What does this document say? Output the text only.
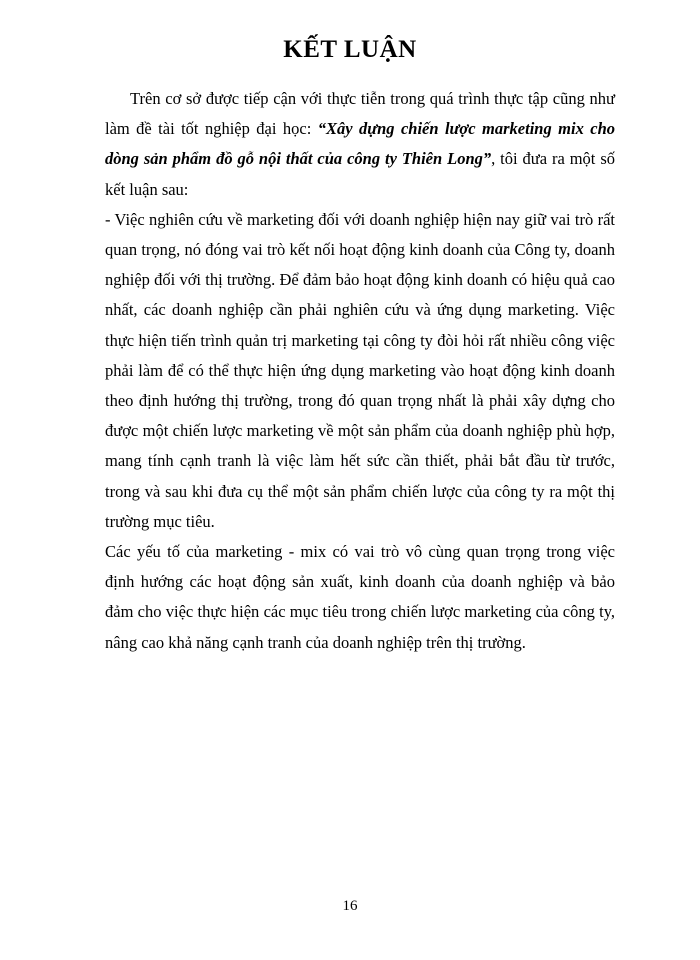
KẾT LUẬN

Trên cơ sở được tiếp cận với thực tiễn trong quá trình thực tập cũng như làm đề tài tốt nghiệp đại học: “Xây dựng chiến lược marketing mix cho dòng sản phẩm đồ gỗ nội thất của công ty Thiên Long”, tôi đưa ra một số kết luận sau:

- Việc nghiên cứu về marketing đối với doanh nghiệp hiện nay giữ vai trò rất quan trọng, nó đóng vai trò kết nối hoạt động kinh doanh của Công ty, doanh nghiệp đối với thị trường. Để đảm bảo hoạt động kinh doanh có hiệu quả cao nhất, các doanh nghiệp cần phải nghiên cứu và ứng dụng marketing. Việc thực hiện tiến trình quản trị marketing tại công ty đòi hỏi rất nhiều công việc phải làm để có thể thực hiện ứng dụng marketing vào hoạt động kinh doanh theo định hướng thị trường, trong đó quan trọng nhất là phải xây dựng cho được một chiến lược marketing về một sản phẩm của doanh nghiệp phù hợp, mang tính cạnh tranh là việc làm hết sức cần thiết, phải bắt đầu từ trước, trong và sau khi đưa cụ thể một sản phẩm chiến lược của công ty ra một thị trường mục tiêu.

Các yếu tố của marketing - mix có vai trò vô cùng quan trọng trong việc định hướng các hoạt động sản xuất, kinh doanh của doanh nghiệp và bảo đảm cho việc thực hiện các mục tiêu trong chiến lược marketing của công ty, nâng cao khả năng cạnh tranh của doanh nghiệp trên thị trường.

16
